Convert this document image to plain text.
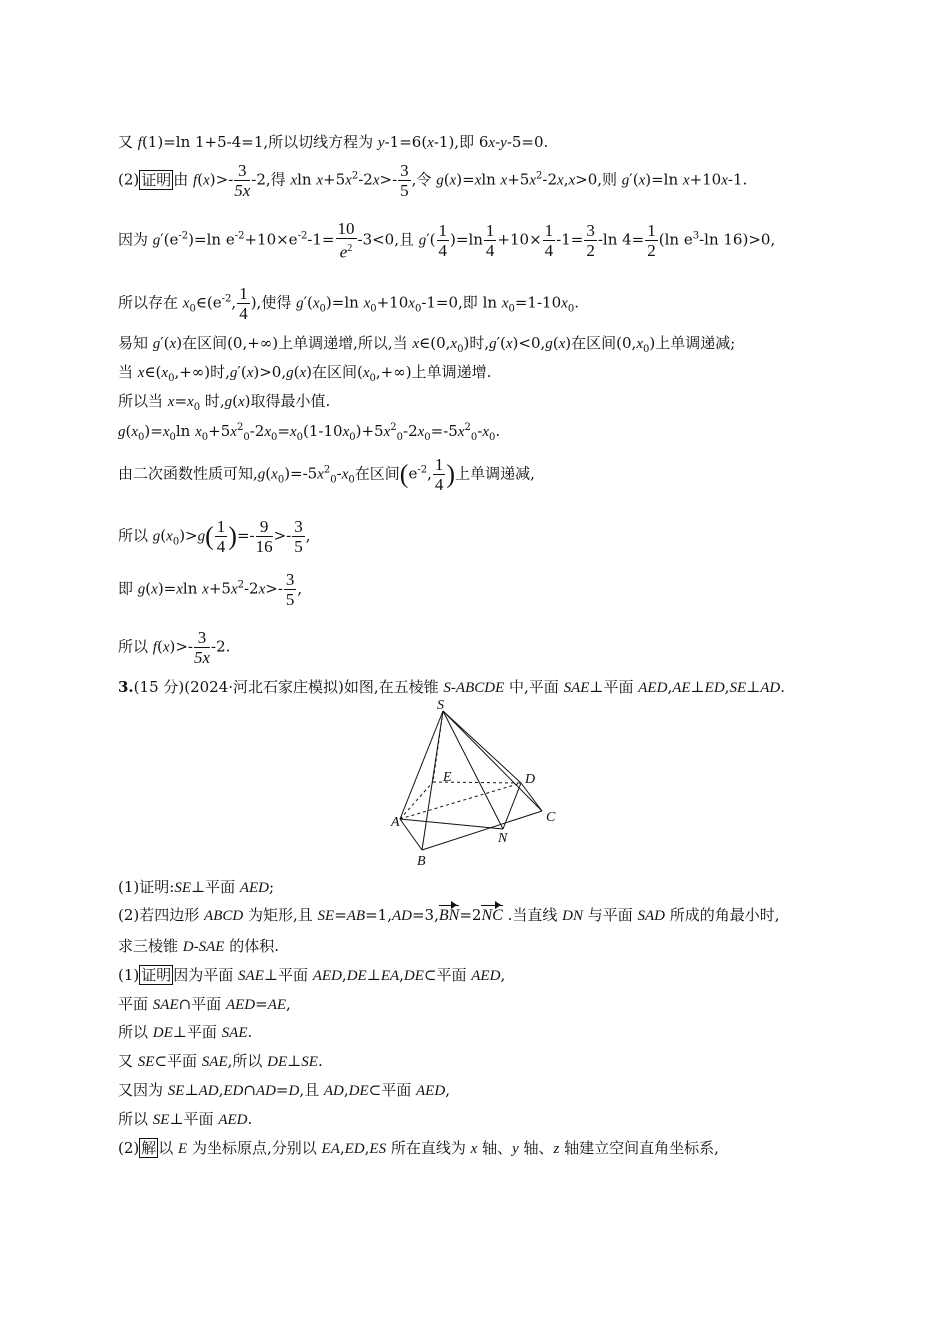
又 f(1)=ln 1+5-4=1,所以切线方程为 y-1=6(x-1),即 6x-y-5=0.
(2) 证明 由 $f(x)>- \frac{3}{5x} -2$,得 xln $x+5x^2-2x>- \frac{3}{5}$ ,令 g(x)=xln $x+5x^2-2x,x>0$,则 g′(x)=ln x+10x-1.
因为 $g'(e^{-2})=\ln$ $e^{-2}+10\times e^{-2}-1= \frac{10}{e^2} -3<0$,且 $g'( \frac{1}{4} )=\ln \frac{1}{4} +10\times \frac{1}{4} -1= \frac{3}{2} -\ln$ $4= \frac{1}{2} (\ln$ $e^3-\ln$ 16)>0,
所以存在 $x_0\in(e^{-2}$, $\frac{1}{4}$ ),使得 $g'(x_0)=\ln$ $x_0+10x_0-1=0$,即 $\ln x_0=1-10x_0$.
易知 g′(x)在区间(0,+∞)上单调递增,所以,当 $x\in(0,x_0)$时,g′(x)<0,g(x)在区间$(0,x_0)$上单调递减;
当 $x\in(x_0,+\infty)$时,g′(x)>0,g(x)在区间$(x_0,+\infty)$上单调递增.
所以当 $x=x_0$ 时,g(x)取得最小值.
$g(x_0)=x_0\ln$ $x_0+5x^2_0-2x_0=x_0(1-10x_0)+5x^2_0-2x_0=-5x^2_0-x_0$.
由二次函数性质可知$,g(x_0)=-5x^2_0-x_0$在区间($e^{-2}$, $\frac{1}{4}$ )上单调递减,
所以 $g(x_0)>g( \frac{1}{4}$ )=- $\frac{9}{16} >- \frac{3}{5}$ ,
即 g(x)=xln $x+5x^2-2x>- \frac{3}{5}$ ,
所以 $f(x)>- \frac{3}{5x} -2$.
3.(15 分)(2024·河北石家庄模拟)如图,在五棱锥 S-ABCDE 中,平面 SAE⊥平面 AED,AE⊥ED,SE⊥AD.
S
E	D
A	C
N
B
(1)证明:SE⊥平面 AED;
(2)若四边形 ABCD 为矩形,且 SE=AB=1,AD=3,BN=2NC .当直线 DN 与平面 SAD 所成的角最小时,
求三棱锥 D-SAE 的体积.
(1) 证明 因为平面 SAE⊥平面 AED,DE⊥EA,DE⊂平面 AED,
平面 SAE∩平面 AED=AE,
所以 DE⊥平面 SAE.
又 SE⊂平面 SAE,所以 DE⊥SE.
又因为 SE⊥AD,ED∩AD=D,且 AD,DE⊂平面 AED,
所以 SE⊥平面 AED.
(2) 解 以 E 为坐标原点,分别以 EA,ED,ES 所在直线为 x 轴、y 轴、z 轴建立空间直角坐标系,
